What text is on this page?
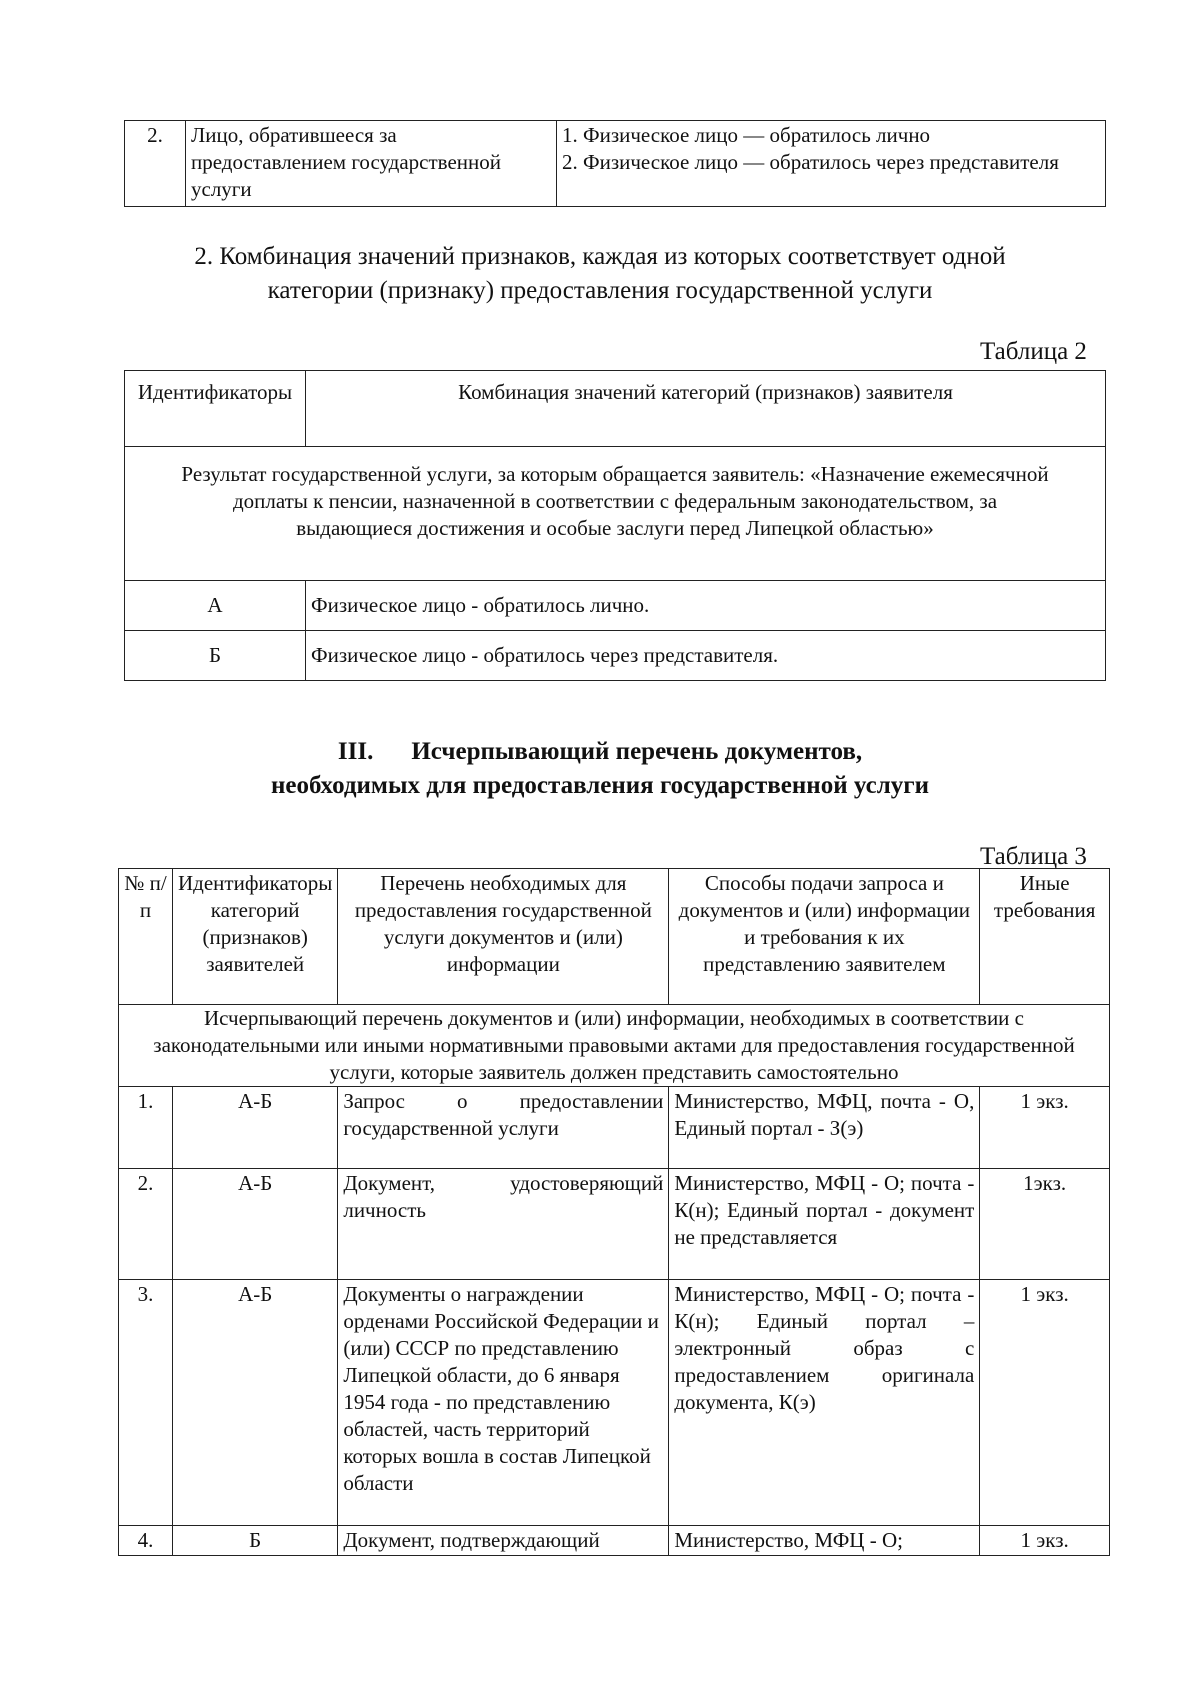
2.	Лицо, обратившееся за предоставлением государственной услуги	
1. Физическое лицо — обратилось лично
2. Физическое лицо — обратилось через представителя
2. Комбинация значений признаков, каждая из которых соответствует одной категории (признаку) предоставления государственной услуги
Таблица 2
Идентификаторы	Комбинация значений категорий (признаков) заявителя
Результат государственной услуги, за которым обращается заявитель: «Назначение ежемесячной доплаты к пенсии, назначенной в соответствии с федеральным законодательством, за выдающиеся достижения и особые заслуги перед Липецкой областью»	
А	Физическое лицо - обратилось лично.
Б	Физическое лицо - обратилось через представителя.
III. Исчерпывающий перечень документов,
необходимых для предоставления государственной услуги
Таблица 3
№ п/п	Идентификаторы категорий (признаков) заявителей	Перечень необходимых для предоставления государственной услуги документов и (или) информации	Способы подачи запроса и документов и (или) информации и требования к их представлению заявителем	Иные требования
Исчерпывающий перечень документов и (или) информации, необходимых в соответствии с законодательными или иными нормативными правовыми актами для предоставления государственной услуги, которые заявитель должен представить самостоятельно				
1.	А-Б	Запрос о предоставлении государственной услуги	Министерство, МФЦ, почта - О, Единый портал - З(э)	1 экз.
2.	А-Б	Документ, удостоверяющий личность	Министерство, МФЦ - О; почта - К(н); Единый портал - документ не представляется	1экз.
3.	А-Б	Документы о награждении орденами Российской Федерации и (или) СССР по представлению Липецкой области, до 6 января 1954 года - по представлению областей, часть территорий которых вошла в состав Липецкой области	Министерство, МФЦ - О; почта - К(н); Единый портал – электронный образ с предоставлением оригинала документа, К(э)	1 экз.
4.	Б	Документ, подтверждающий	Министерство, МФЦ - О;	1 экз.
